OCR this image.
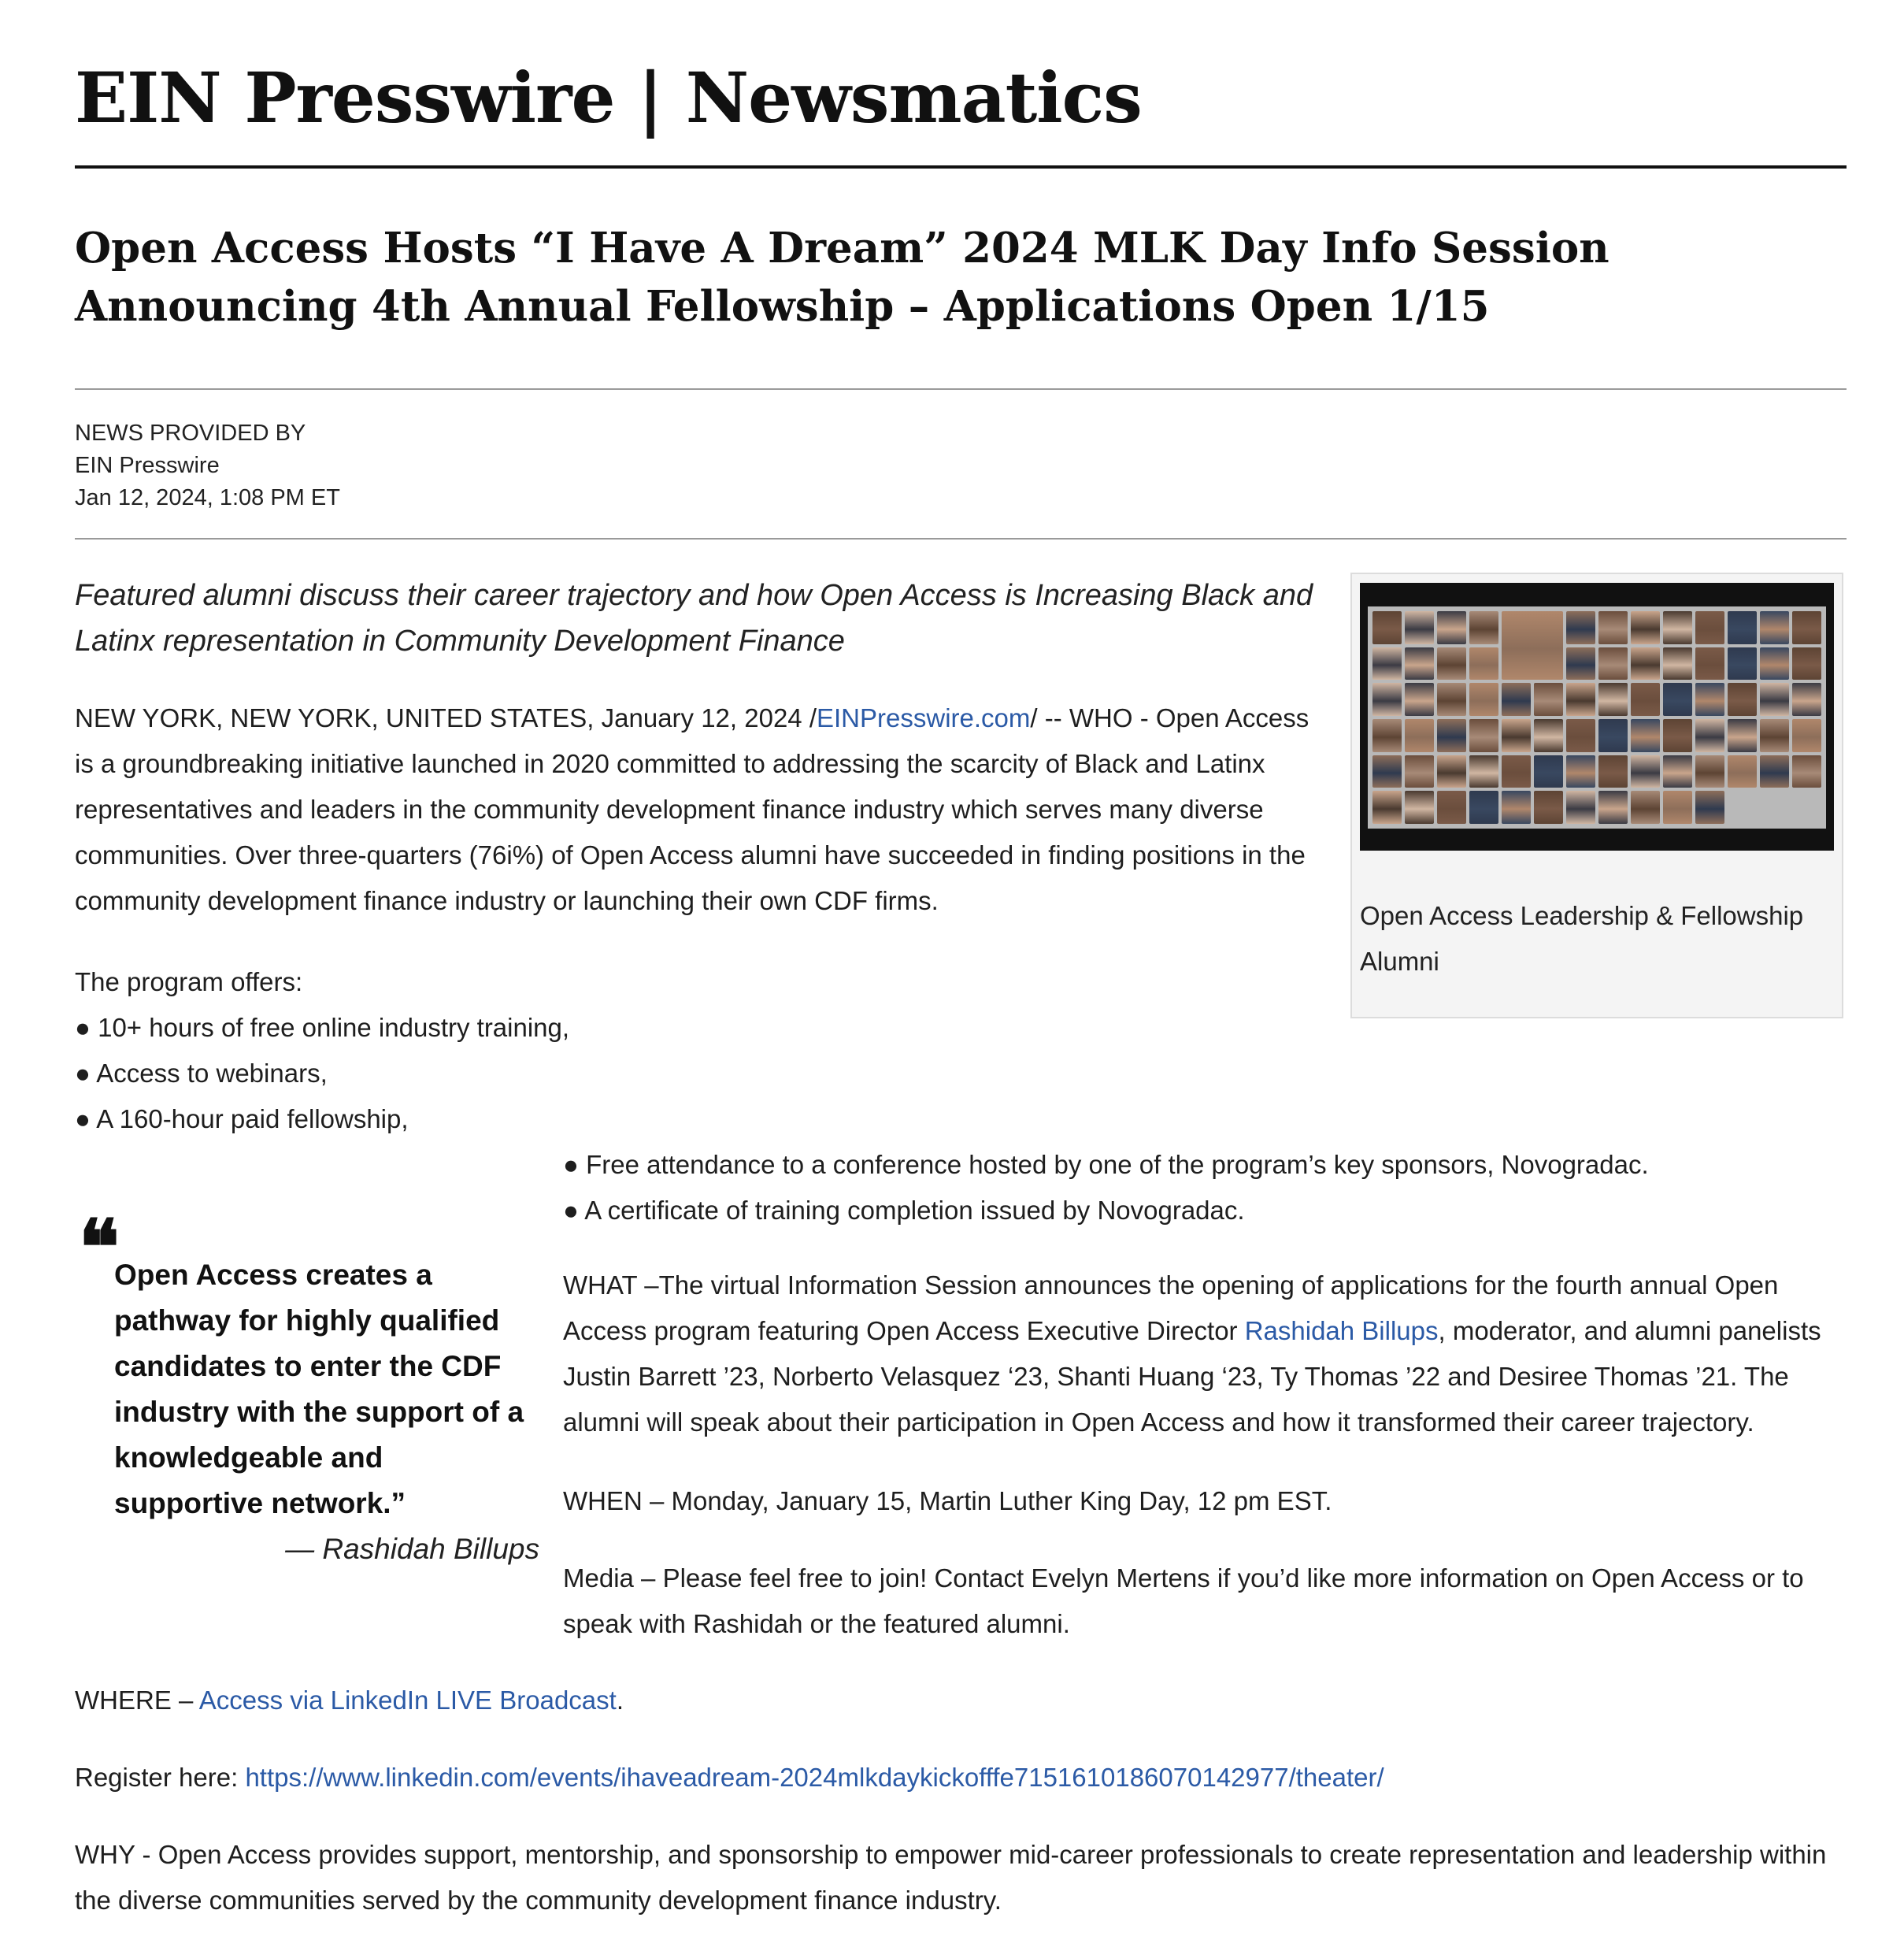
EIN Presswire | Newsmatics
Open Access Hosts “I Have A Dream” 2024 MLK Day Info Session Announcing 4th Annual Fellowship – Applications Open 1/15
NEWS PROVIDED BY
EIN Presswire
Jan 12, 2024, 1:08 PM ET
Featured alumni discuss their career trajectory and how Open Access is Increasing Black and Latinx representation in Community Development Finance
Open Access Leadership & Fellowship Alumni
NEW YORK, NEW YORK, UNITED STATES, January 12, 2024 /EINPresswire.com/ -- WHO - Open Access is a groundbreaking initiative launched in 2020 committed to addressing the scarcity of Black and Latinx representatives and leaders in the community development finance industry which serves many diverse communities. Over three-quarters (76i%) of Open Access alumni have succeeded in finding positions in the community development finance industry or launching their own CDF firms.
The program offers:
● 10+ hours of free online industry training,
● Access to webinars,
● A 160-hour paid fellowship,
● Free attendance to a conference hosted by one of the program’s key sponsors, Novogradac.
● A certificate of training completion issued by Novogradac.
❝
Open Access creates a pathway for highly qualified candidates to enter the CDF industry with the support of a knowledgeable and supportive network.”
— Rashidah Billups
WHAT –The virtual Information Session announces the opening of applications for the fourth annual Open Access program featuring Open Access Executive Director Rashidah Billups, moderator, and alumni panelists Justin Barrett ’23, Norberto Velasquez ‘23, Shanti Huang ‘23, Ty Thomas ’22 and Desiree Thomas ’21. The alumni will speak about their participation in Open Access and how it transformed their career trajectory.
WHEN – Monday, January 15, Martin Luther King Day, 12 pm EST.
Media – Please feel free to join! Contact Evelyn Mertens if you’d like more information on Open Access or to speak with Rashidah or the featured alumni.
WHERE – Access via LinkedIn LIVE Broadcast.
Register here: https://www.linkedin.com/events/ihaveadream-2024mlkdaykickofffe7151610186070142977/theater/
WHY - Open Access provides support, mentorship, and sponsorship to empower mid-career professionals to create representation and leadership within the diverse communities served by the community development finance industry.
